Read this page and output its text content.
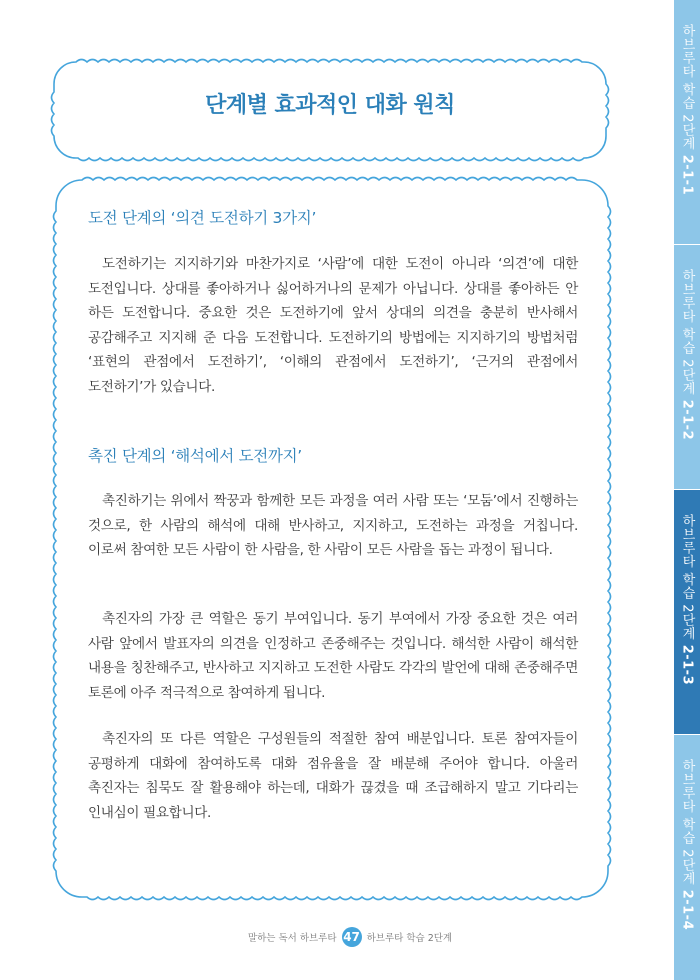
단계별 효과적인 대화 원칙
도전 단계의 ‘의견 도전하기 3가지’
도전하기는 지지하기와 마찬가지로 ‘사람’에 대한 도전이 아니라 ‘의견’에 대한 도전입니다. 상대를 좋아하거나 싫어하거나의 문제가 아닙니다. 상대를 좋아하든 안 하든 도전합니다. 중요한 것은 도전하기에 앞서 상대의 의견을 충분히 반사해서 공감해주고 지지해 준 다음 도전합니다. 도전하기의 방법에는 지지하기의 방법처럼 ‘표현의 관점에서 도전하기’, ‘이해의 관점에서 도전하기’, ‘근거의 관점에서 도전하기’가 있습니다.
촉진 단계의 ‘해석에서 도전까지’
촉진하기는 위에서 짝꿍과 함께한 모든 과정을 여러 사람 또는 ‘모둠’에서 진행하는 것으로, 한 사람의 해석에 대해 반사하고, 지지하고, 도전하는 과정을 거칩니다. 이로써 참여한 모든 사람이 한 사람을, 한 사람이 모든 사람을 돕는 과정이 됩니다.
촉진자의 가장 큰 역할은 동기 부여입니다. 동기 부여에서 가장 중요한 것은 여러 사람 앞에서 발표자의 의견을 인정하고 존중해주는 것입니다. 해석한 사람이 해석한 내용을 칭찬해주고, 반사하고 지지하고 도전한 사람도 각각의 발언에 대해 존중해주면 토론에 아주 적극적으로 참여하게 됩니다.
촉진자의 또 다른 역할은 구성원들의 적절한 참여 배분입니다. 토론 참여자들이 공평하게 대화에 참여하도록 대화 점유율을 잘 배분해 주어야 합니다. 아울러 촉진자는 침묵도 잘 활용해야 하는데, 대화가 끊겼을 때 조급해하지 말고 기다리는 인내심이 필요합니다.
하브루타 학습 2단계 2-1-1
하브루타 학습 2단계 2-1-2
하브루타 학습 2단계 2-1-3
하브루타 학습 2단계 2-1-4
말하는 독서 하브루타 47 하브루타 학습 2단계
